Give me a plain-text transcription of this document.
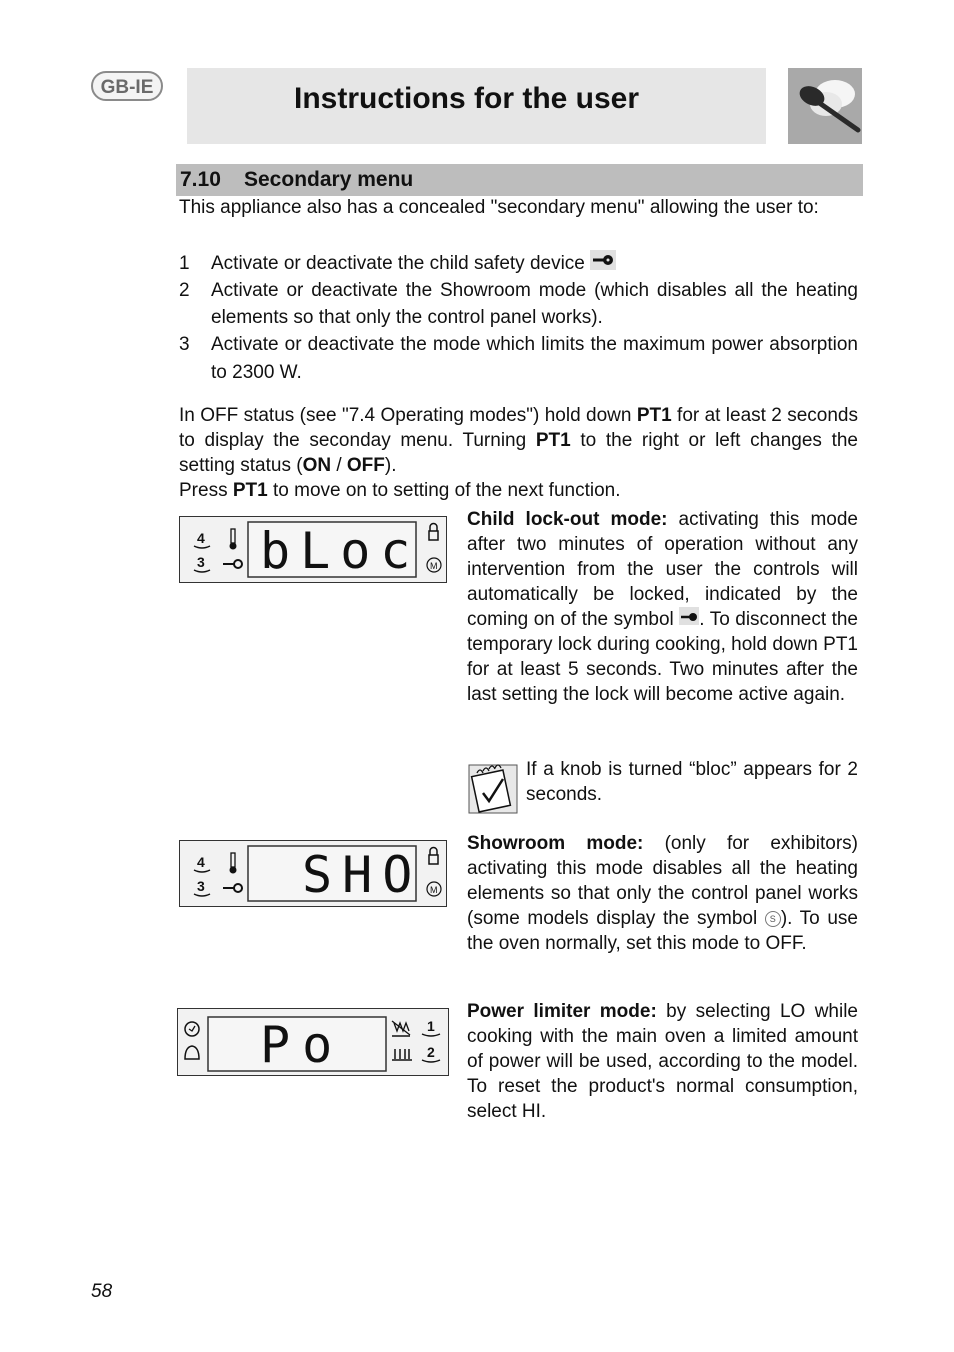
GB-IE	Instructions for the user
7.10 Secondary menu
This appliance also has a concealed "secondary menu" allowing the user to:
1 Activate or deactivate the child safety device
2 Activate or deactivate the Showroom mode (which disables all the heating elements so that only the control panel works).
3 Activate or deactivate the mode which limits the maximum power absorption to 2300 W.
In OFF status (see "7.4 Operating modes") hold down PT1 for at least 2 seconds to display the seconday menu. Turning PT1 to the right or left changes the setting status (ON / OFF).
Press PT1 to move on to setting of the next function.
4
3	M
bLoc
Child lock-out mode: activating this mode after two minutes of operation without any intervention from the user the controls will automatically be locked, indicated by the coming on of the symbol . To disconnect the temporary lock during cooking, hold down PT1 for at least 5 seconds. Two minutes after the last setting the lock will become active again.
If a knob is turned “bloc” appears for 2 seconds.
4
3	M
SHO
Showroom mode: (only for exhibitors) activating this mode disables all the heating elements so that only the control panel works (some models display the symbol S ). To use the oven normally, set this mode to OFF.
1
2
Po
Power limiter mode: by selecting LO while cooking with the main oven a limited amount of power will be used, according to the model. To reset the product's normal consumption, select HI.
58
